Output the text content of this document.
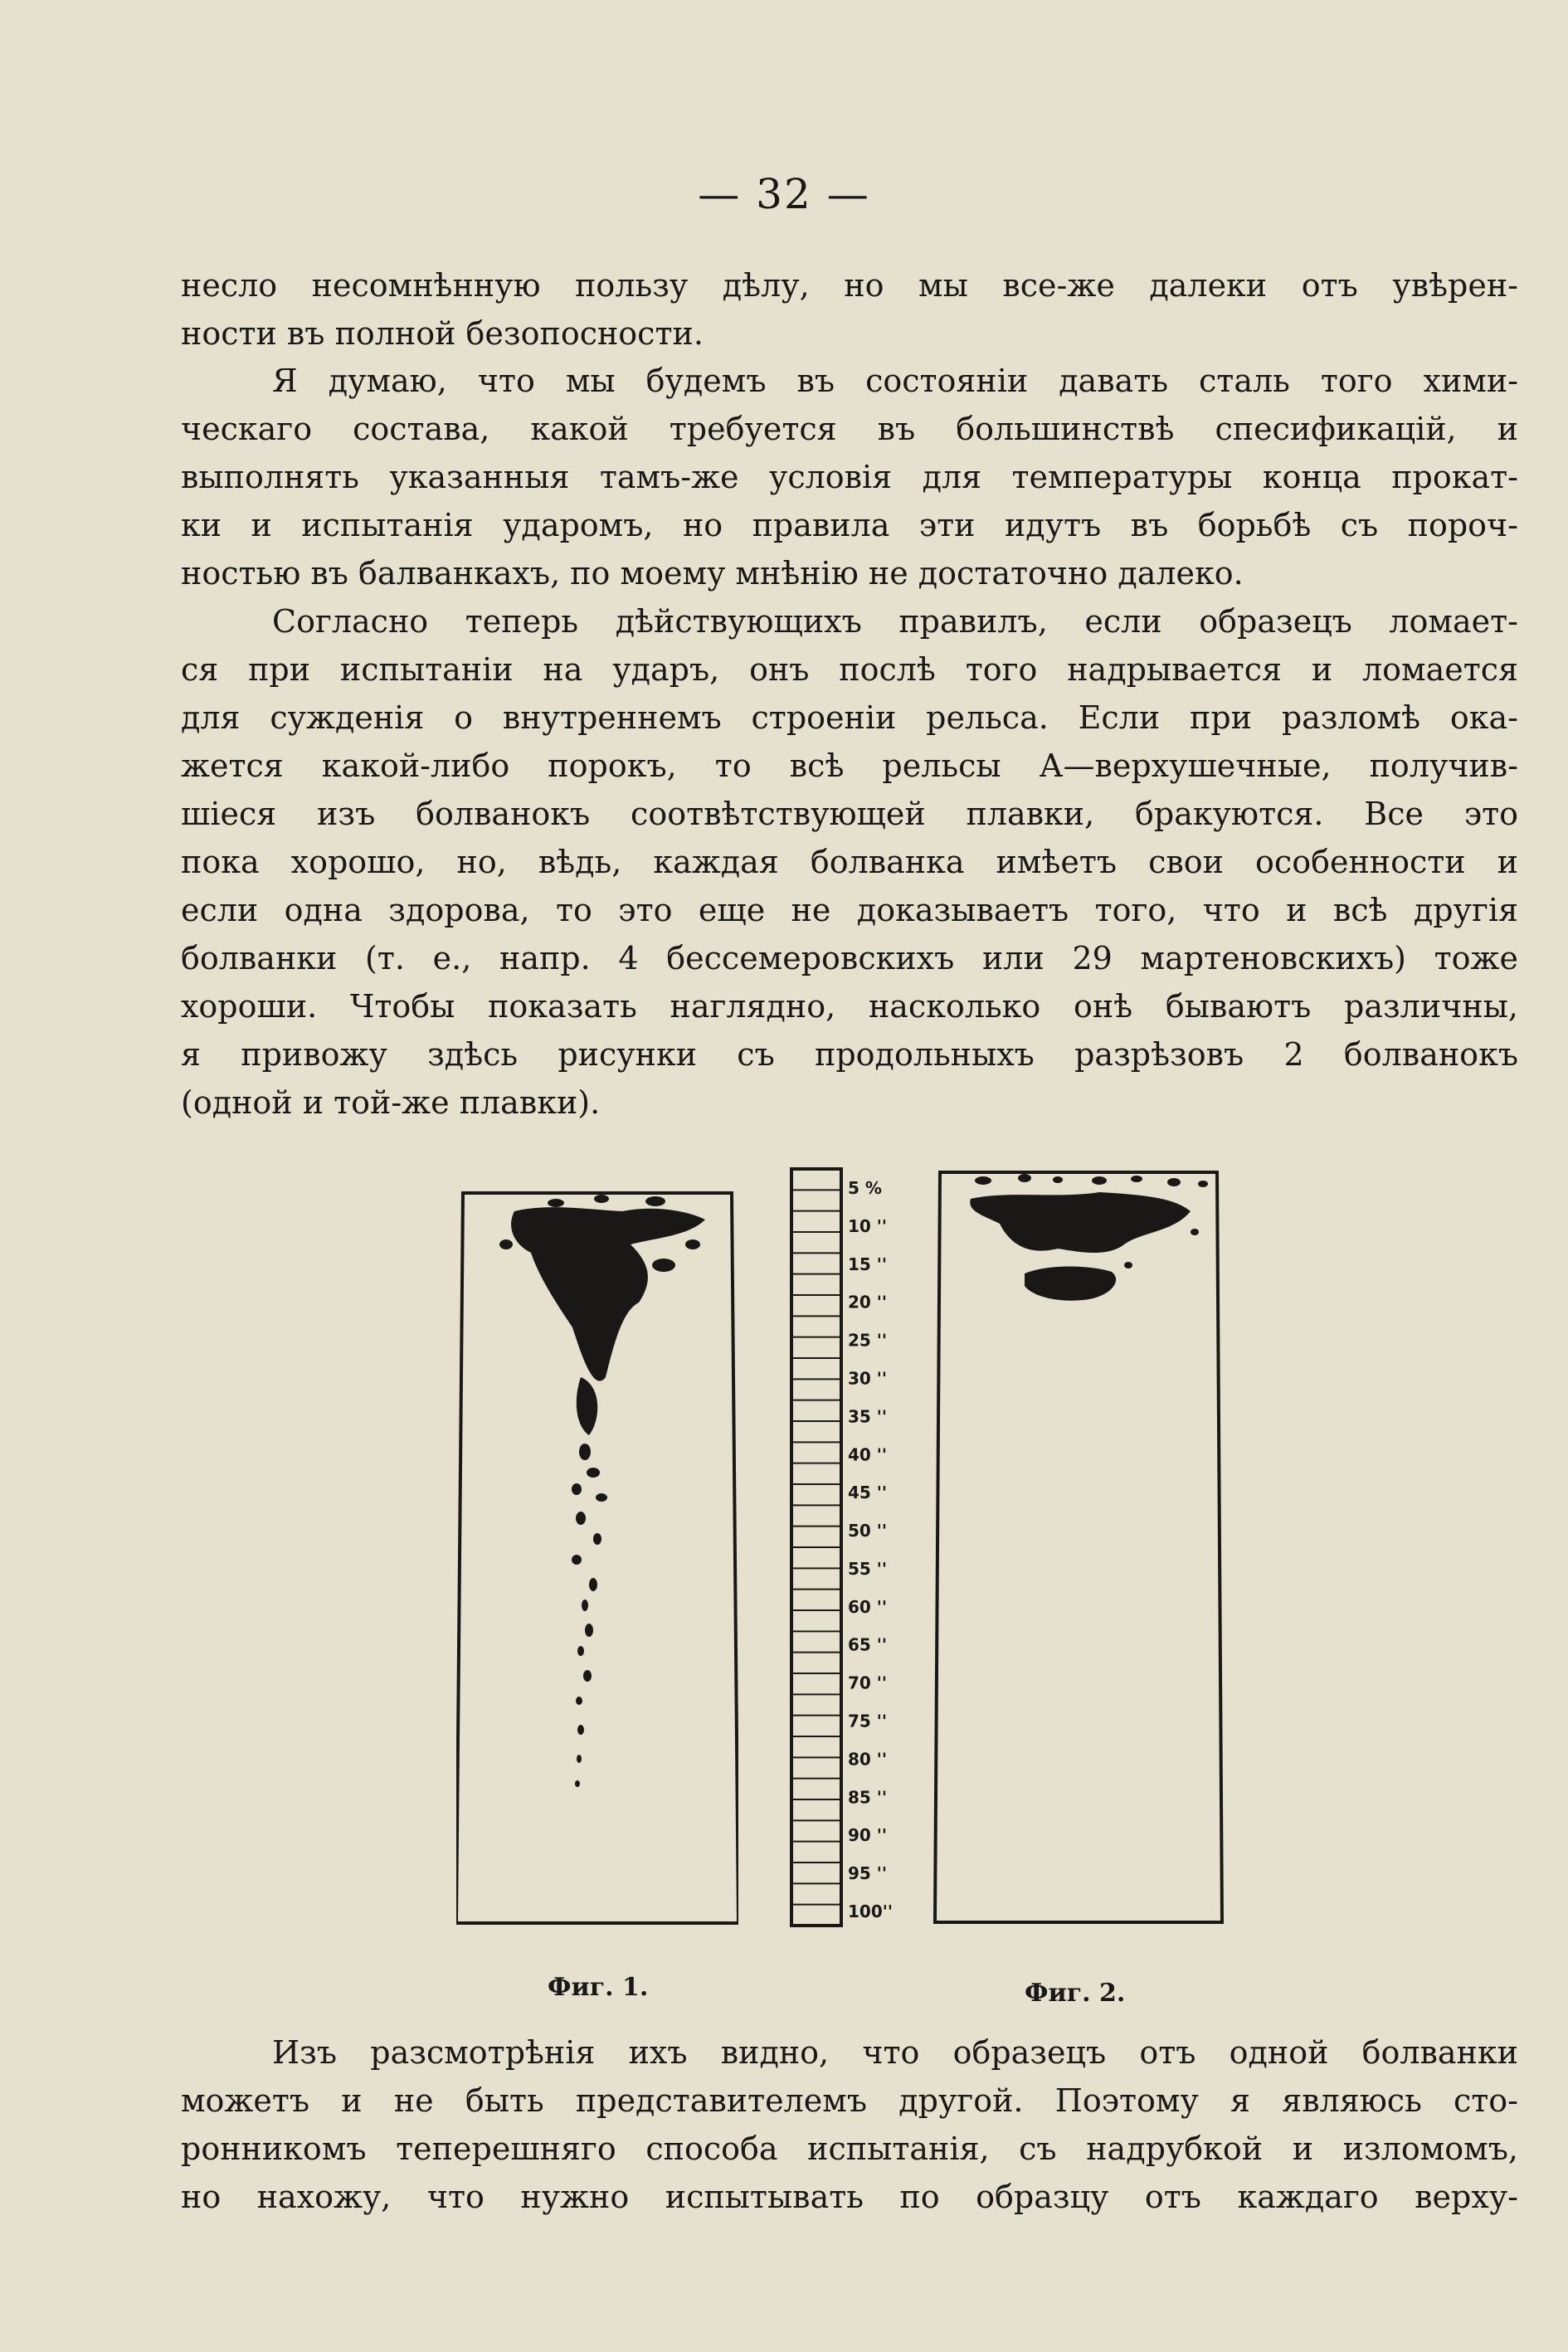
— 32 —
несло несомнѣнную пользу дѣлу, но мы все-же далеки отъ увѣрен-
ности въ полной безопосности.
Я думаю, что мы будемъ въ состояніи давать сталь того хими-
ческаго состава, какой требуется въ большинствѣ спесификацій, и
выполнять указанныя тамъ-же условія для температуры конца прокат-
ки и испытанія ударомъ, но правила эти идутъ въ борьбѣ съ пороч-
ностью въ балванкахъ, по моему мнѣнію не достаточно далеко.
Согласно теперь дѣйствующихъ правилъ, если образецъ ломает-
ся при испытаніи на ударъ, онъ послѣ того надрывается и ломается
для сужденія о внутреннемъ строеніи рельса. Если при разломѣ ока-
жется какой-либо порокъ, то всѣ рельсы А—верхушечные, получив-
шіеся изъ болванокъ соотвѣтствующей плавки, бракуются. Все это
пока хорошо, но, вѣдь, каждая болванка имѣетъ свои особенности и
если одна здорова, то это еще не доказываетъ того, что и всѣ другія
болванки (т. е., напр. 4 бессемеровскихъ или 29 мартеновскихъ) тоже
хороши. Чтобы показать наглядно, насколько онѣ бываютъ различны,
я привожу здѣсь рисунки съ продольныхъ разрѣзовъ 2 болванокъ
(одной и той-же плавки).
5 %
10 ''
15 ''
20 ''
25 ''
30 ''
35 ''
40 ''
45 ''
50 ''
55 ''
60 ''
65 ''
70 ''
75 ''
80 ''
85 ''
90 ''
95 ''
100''
Фиг. 1.	Фиг. 2.
Изъ разсмотрѣнія ихъ видно, что образецъ отъ одной болванки
можетъ и не быть представителемъ другой. Поэтому я являюсь сто-
ронникомъ теперешняго способа испытанія, съ надрубкой и изломомъ,
но нахожу, что нужно испытывать по образцу отъ каждаго верху-
